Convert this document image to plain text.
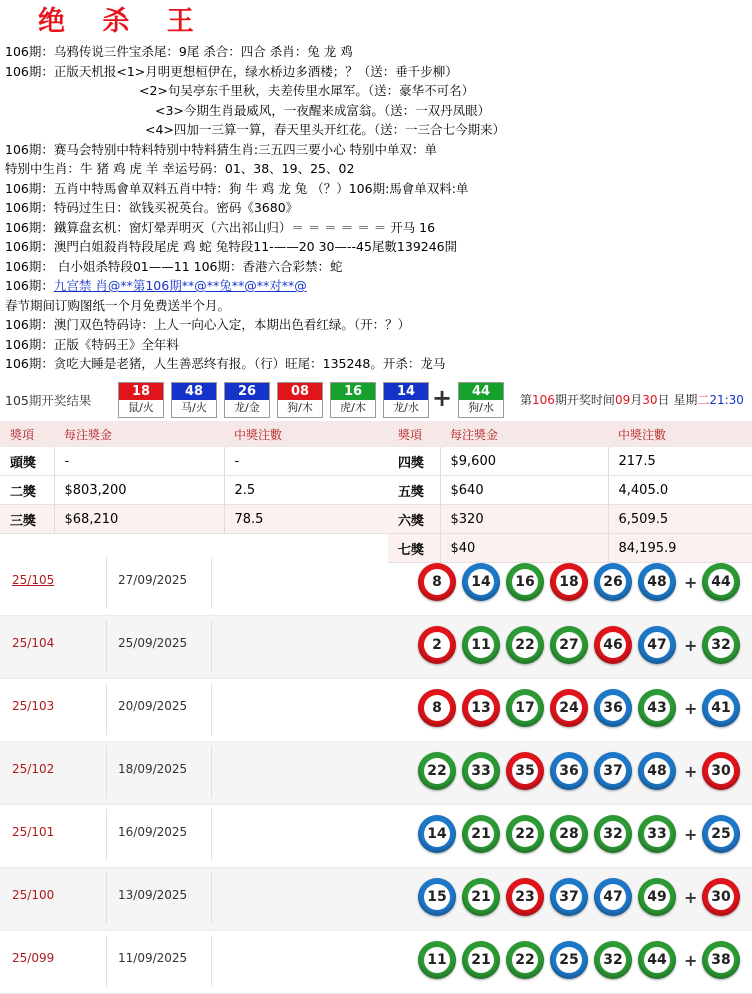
绝 杀 王
106期：乌鸦传说三件宝杀尾：9尾 杀合：四合 杀肖：兔 龙 鸡
106期：正版天机报<1>月明更想桓伊在，绿水桥边多酒楼；？（送：垂千步柳）
<2>句吴亭东千里秋，夫差传里水犀军。（送：豪华不可名）
<3>今期生肖最威风，一夜醒来成富翁。（送：一双丹凤眼）
<4>四加一三算一算，春天里头开红花。（送：一三合七今期来）
106期：赛马会特别中特料特别中特料猜生肖:三五四三要小心 特别中单双：单
特别中生肖：牛 猪 鸡 虎 羊 幸运号码：01、38、19、25、02
106期：五肖中特馬會单双料五肖中特：狗 牛 鸡 龙 兔 （？）106期:馬會单双料:单
106期：特码过生日：欲钱买祝英台。密码《3680》
106期：鐵算盘玄机：窗灯晕弄明灭（六出祁山归）＝ ＝ ＝ ＝ ＝ ＝ 开马 16
106期：澳門白姐殺肖特段尾虎 鸡 蛇 兔特段11-——20 30—--45尾數139246開
106期： 白小姐杀特段01——11 106期：香港六合彩禁：蛇
106期：九宫禁 肖@**第106期**@**兔**@**对**@
春节期间订购图纸一个月免费送半个月。
106期：澳门双色特码诗：上人一向心入定，本期出色看红绿。（开：？）
106期：正版《特码王》全年料
106期：贪吃大睡是老猪，人生善恶终有报。（行）旺尾：135248。开杀：龙马
105期开奖结果
18
鼠/火
48
马/火
26
龙/金
08
狗/木
16
虎/木
14
龙/水 +	44
狗/水
第106期开奖时间09月30日 星期二21:30
獎項	每注獎金	中獎注數	獎項	每注獎金	中獎注數
頭獎	-	-	四獎	$9,600	217.5
二獎	$803,200	2.5	五獎	$640	4,405.0
三獎	$68,210	78.5	六獎	$320	6,509.5
			七獎	$40	84,195.9
25/105	27/09/2025	8	14 16 18 26 48 + 44
25/104	25/09/2025	2	11 22 27 46 47 + 32
25/103	20/09/2025	8	13 17 24 36 43 + 41
25/102	18/09/2025	22 33 35 36 37 48 + 30
25/101	16/09/2025	14 21 22 28 32 33 + 25
25/100	13/09/2025	15 21 23 37 47 49 + 30
25/099	11/09/2025	11 21 22 25 32 44 + 38
